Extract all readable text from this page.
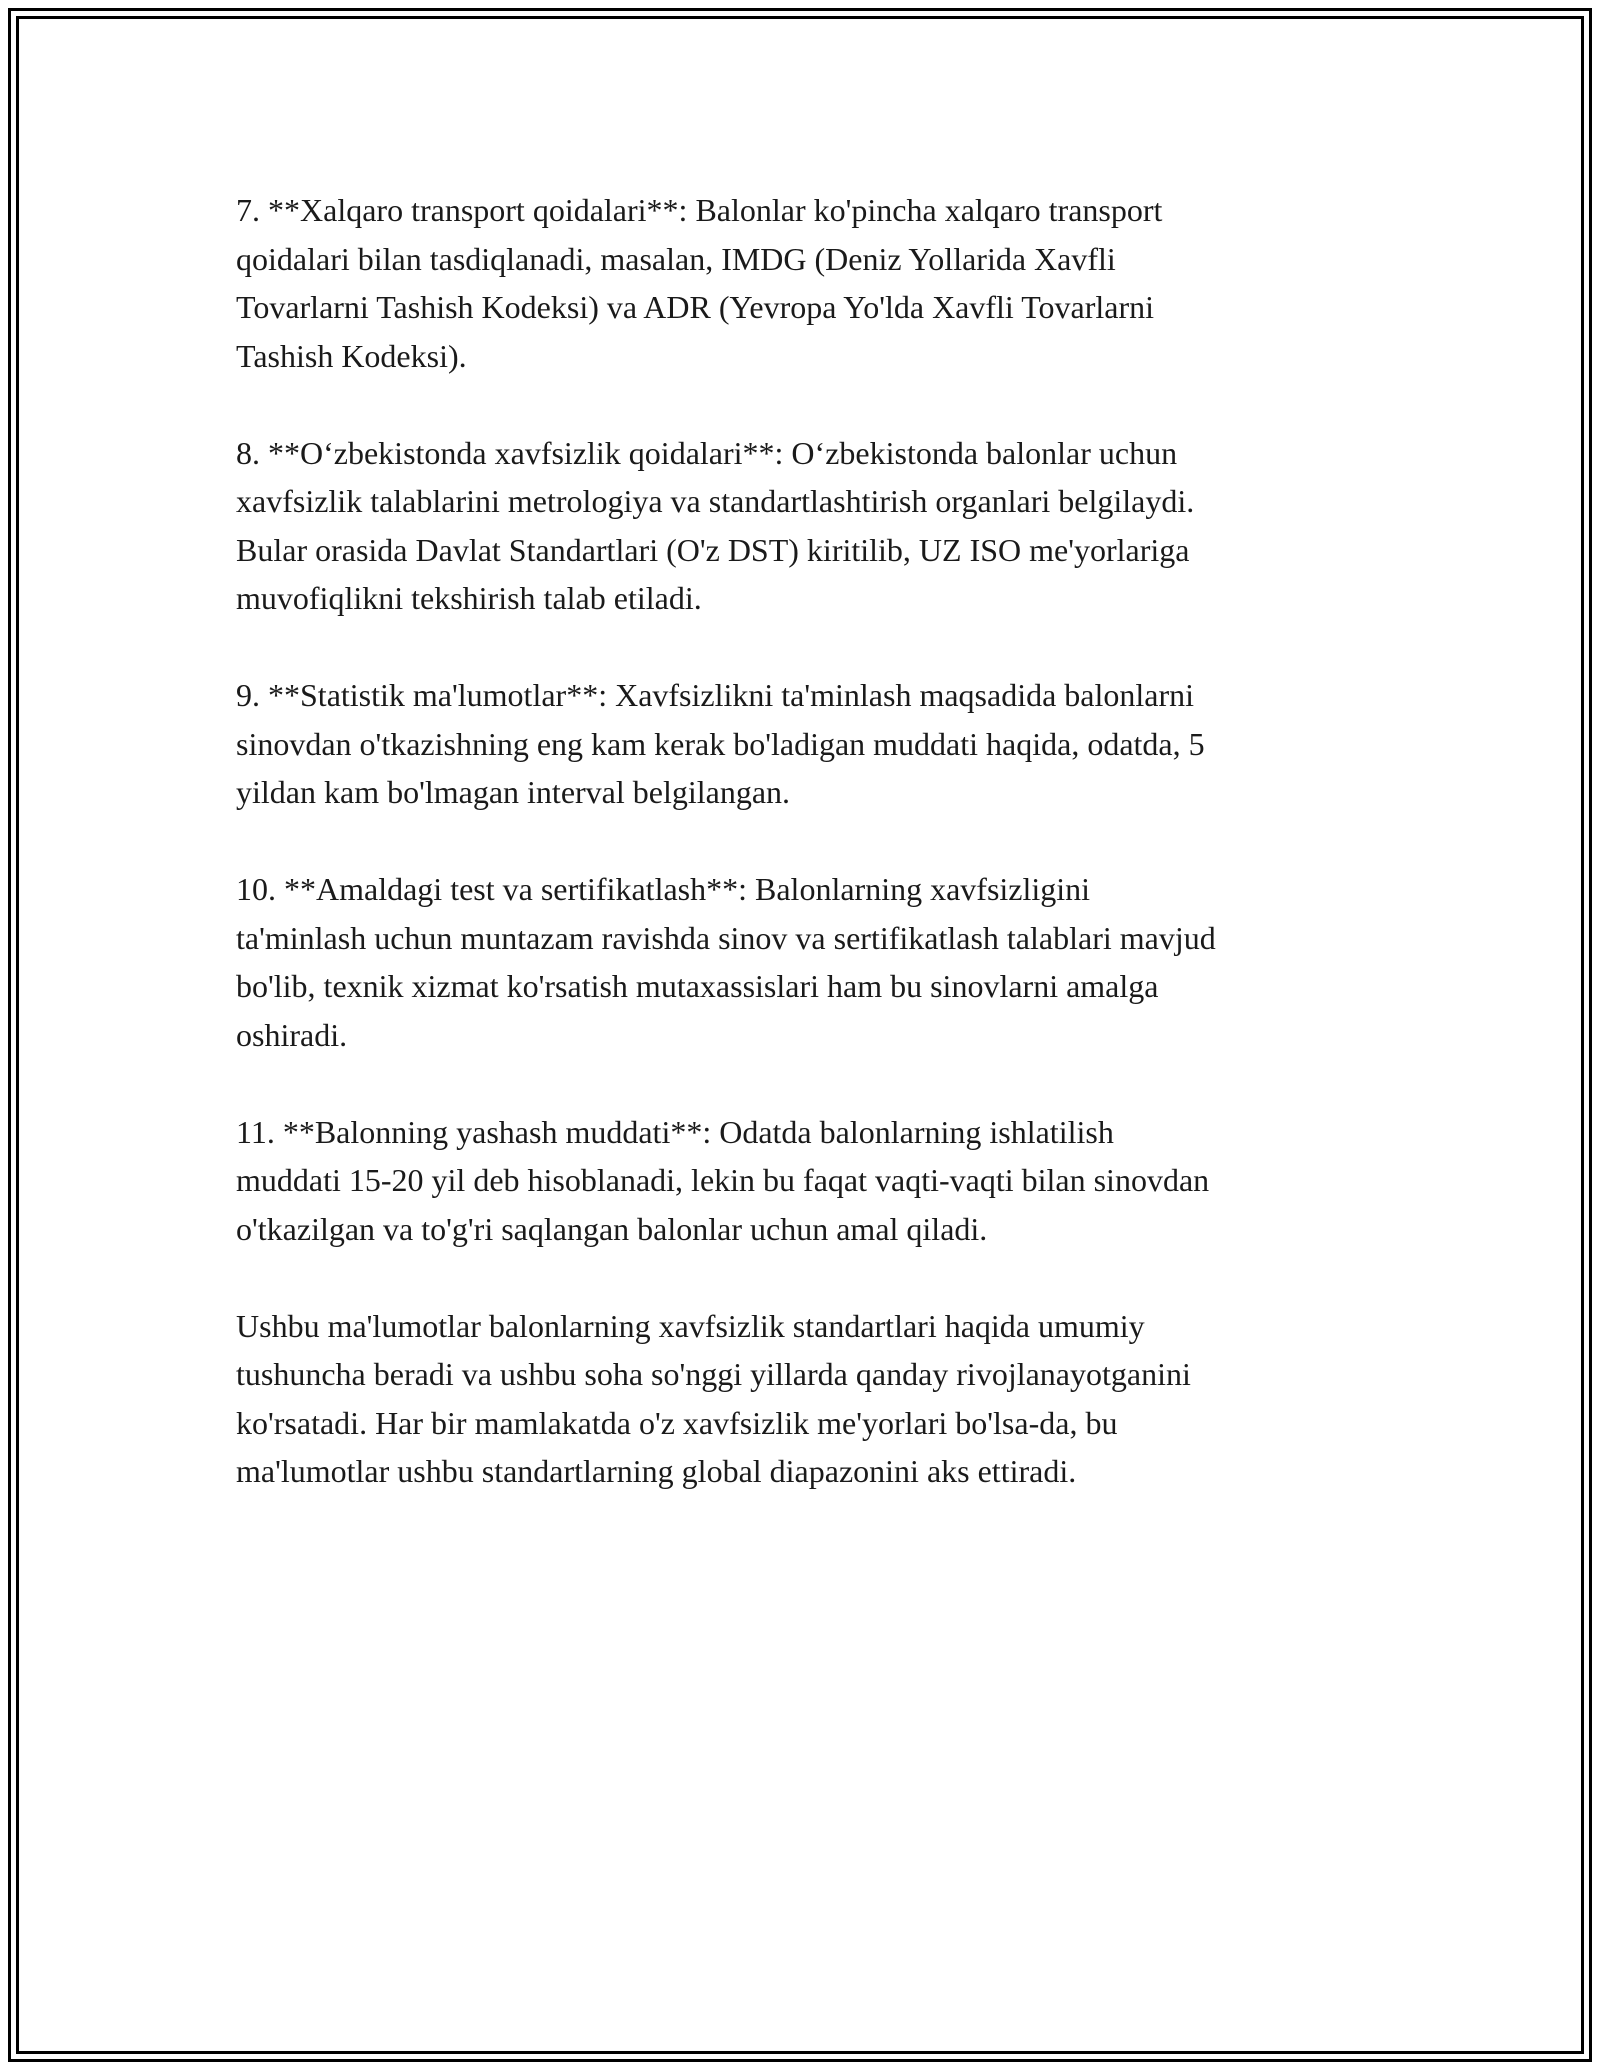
7. **Xalqaro transport qoidalari**: Balonlar ko'pincha xalqaro transport
qoidalari bilan tasdiqlanadi, masalan, IMDG (Deniz Yollarida Xavfli
Tovarlarni Tashish Kodeksi) va ADR (Yevropa Yo'lda Xavfli Tovarlarni
Tashish Kodeksi).

8. **O‘zbekistonda xavfsizlik qoidalari**: O‘zbekistonda balonlar uchun
xavfsizlik talablarini metrologiya va standartlashtirish organlari belgilaydi.
Bular orasida Davlat Standartlari (O'z DST) kiritilib, UZ ISO me'yorlariga
muvofiqlikni tekshirish talab etiladi.

9. **Statistik ma'lumotlar**: Xavfsizlikni ta'minlash maqsadida balonlarni
sinovdan o'tkazishning eng kam kerak bo'ladigan muddati haqida, odatda, 5
yildan kam bo'lmagan interval belgilangan.

10. **Amaldagi test va sertifikatlash**: Balonlarning xavfsizligini
ta'minlash uchun muntazam ravishda sinov va sertifikatlash talablari mavjud
bo'lib, texnik xizmat ko'rsatish mutaxassislari ham bu sinovlarni amalga
oshiradi.

11. **Balonning yashash muddati**: Odatda balonlarning ishlatilish
muddati 15-20 yil deb hisoblanadi, lekin bu faqat vaqti-vaqti bilan sinovdan
o'tkazilgan va to'g'ri saqlangan balonlar uchun amal qiladi.

Ushbu ma'lumotlar balonlarning xavfsizlik standartlari haqida umumiy
tushuncha beradi va ushbu soha so'nggi yillarda qanday rivojlanayotganini
ko'rsatadi. Har bir mamlakatda o'z xavfsizlik me'yorlari bo'lsa-da, bu
ma'lumotlar ushbu standartlarning global diapazonini aks ettiradi.
